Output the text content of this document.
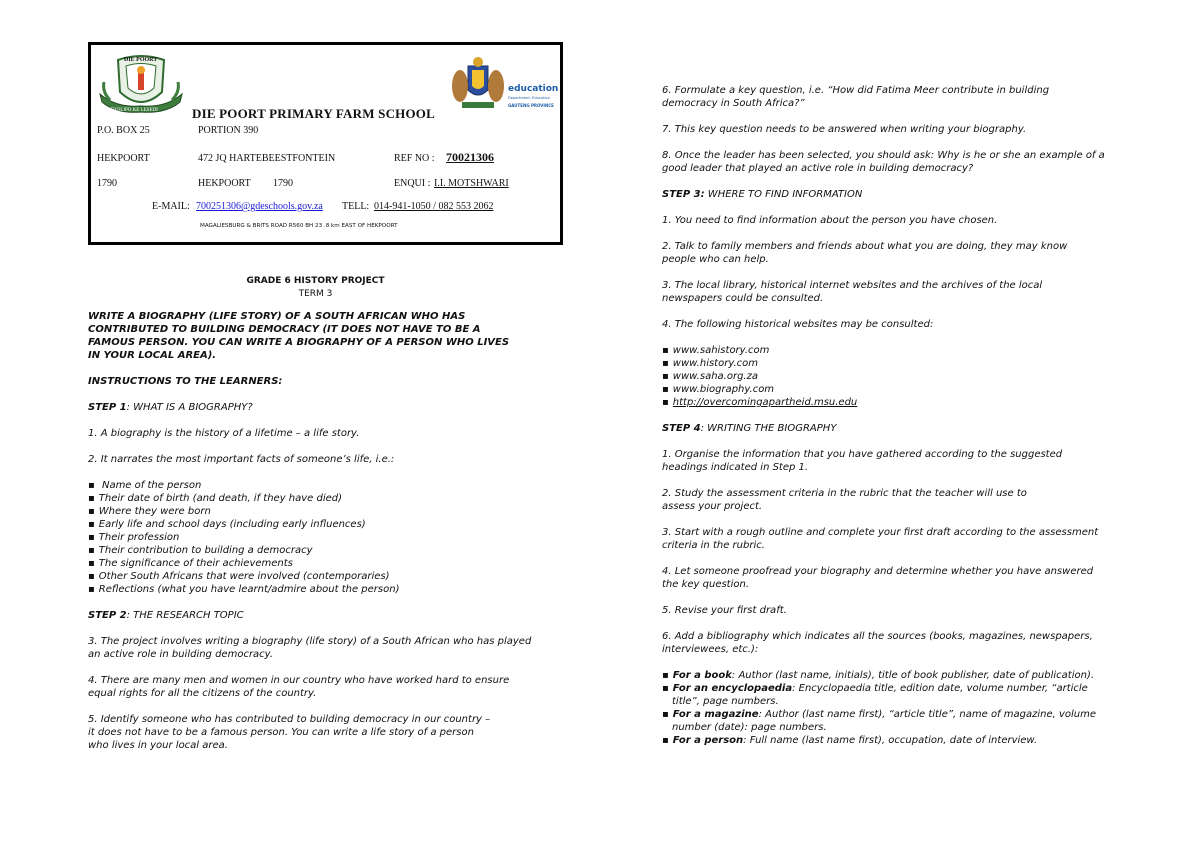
DIE POORT
THOLIPO KE LESEDI
education
Department: Education
GAUTENG PROVINCE
DIE POORT PRIMARY FARM SCHOOL
P.O. BOX 25	PORTION 390
HEKPOORT	472 JQ HARTEBEESTFONTEIN	REF NO : 70021306
1790	HEKPOORT 1790	ENQUI : I.I. MOTSHWARI
E-MAIL: 700251306@gdeschools.gov.za TELL: 014-941-1050 / 082 553 2062
MAGALIESBURG & BRITS ROAD R560 BH 23 .8 km EAST OF HEKPOORT
GRADE 6 HISTORY PROJECT
TERM 3

WRITE A BIOGRAPHY (LIFE STORY) OF A SOUTH AFRICAN WHO HAS CONTRIBUTED TO BUILDING DEMOCRACY (IT DOES NOT HAVE TO BE A FAMOUS PERSON. YOU CAN WRITE A BIOGRAPHY OF A PERSON WHO LIVES IN YOUR LOCAL AREA).

INSTRUCTIONS TO THE LEARNERS:

STEP 1: WHAT IS A BIOGRAPHY?

1. A biography is the history of a lifetime – a life story.

2. It narrates the most important facts of someone’s life, i.e.:

▪ Name of the person

▪ Their date of birth (and death, if they have died)

▪ Where they were born

▪ Early life and school days (including early influences)

▪ Their profession

▪ Their contribution to building a democracy

▪ The significance of their achievements

▪ Other South Africans that were involved (contemporaries)

▪ Reflections (what you have learnt/admire about the person)

STEP 2: THE RESEARCH TOPIC

3. The project involves writing a biography (life story) of a South African who has played an active role in building democracy.

4. There are many men and women in our country who have worked hard to ensure equal rights for all the citizens of the country.

5. Identify someone who has contributed to building democracy in our country – it does not have to be a famous person. You can write a life story of a person who lives in your local area.

6. Formulate a key question, i.e. “How did Fatima Meer contribute in building democracy in South Africa?”

7. This key question needs to be answered when writing your biography.

8. Once the leader has been selected, you should ask: Why is he or she an example of a good leader that played an active role in building democracy?

STEP 3: WHERE TO FIND INFORMATION

1. You need to find information about the person you have chosen.

2. Talk to family members and friends about what you are doing, they may know people who can help.

3. The local library, historical internet websites and the archives of the local newspapers could be consulted.

4. The following historical websites may be consulted:

▪ www.sahistory.com

▪ www.history.com

▪ www.saha.org.za

▪ www.biography.com

▪ http://overcomingapartheid.msu.edu

STEP 4: WRITING THE BIOGRAPHY

1. Organise the information that you have gathered according to the suggested headings indicated in Step 1.

2. Study the assessment criteria in the rubric that the teacher will use to assess your project.

3. Start with a rough outline and complete your first draft according to the assessment criteria in the rubric.

4. Let someone proofread your biography and determine whether you have answered the key question.

5. Revise your first draft.

6. Add a bibliography which indicates all the sources (books, magazines, newspapers, interviewees, etc.):

▪ For a book: Author (last name, initials), title of book publisher, date of publication).

▪ For an encyclopaedia: Encyclopaedia title, edition date, volume number, “article title”, page numbers.

▪ For a magazine: Author (last name first), “article title”, name of magazine, volume number (date): page numbers.

▪ For a person: Full name (last name first), occupation, date of interview.
